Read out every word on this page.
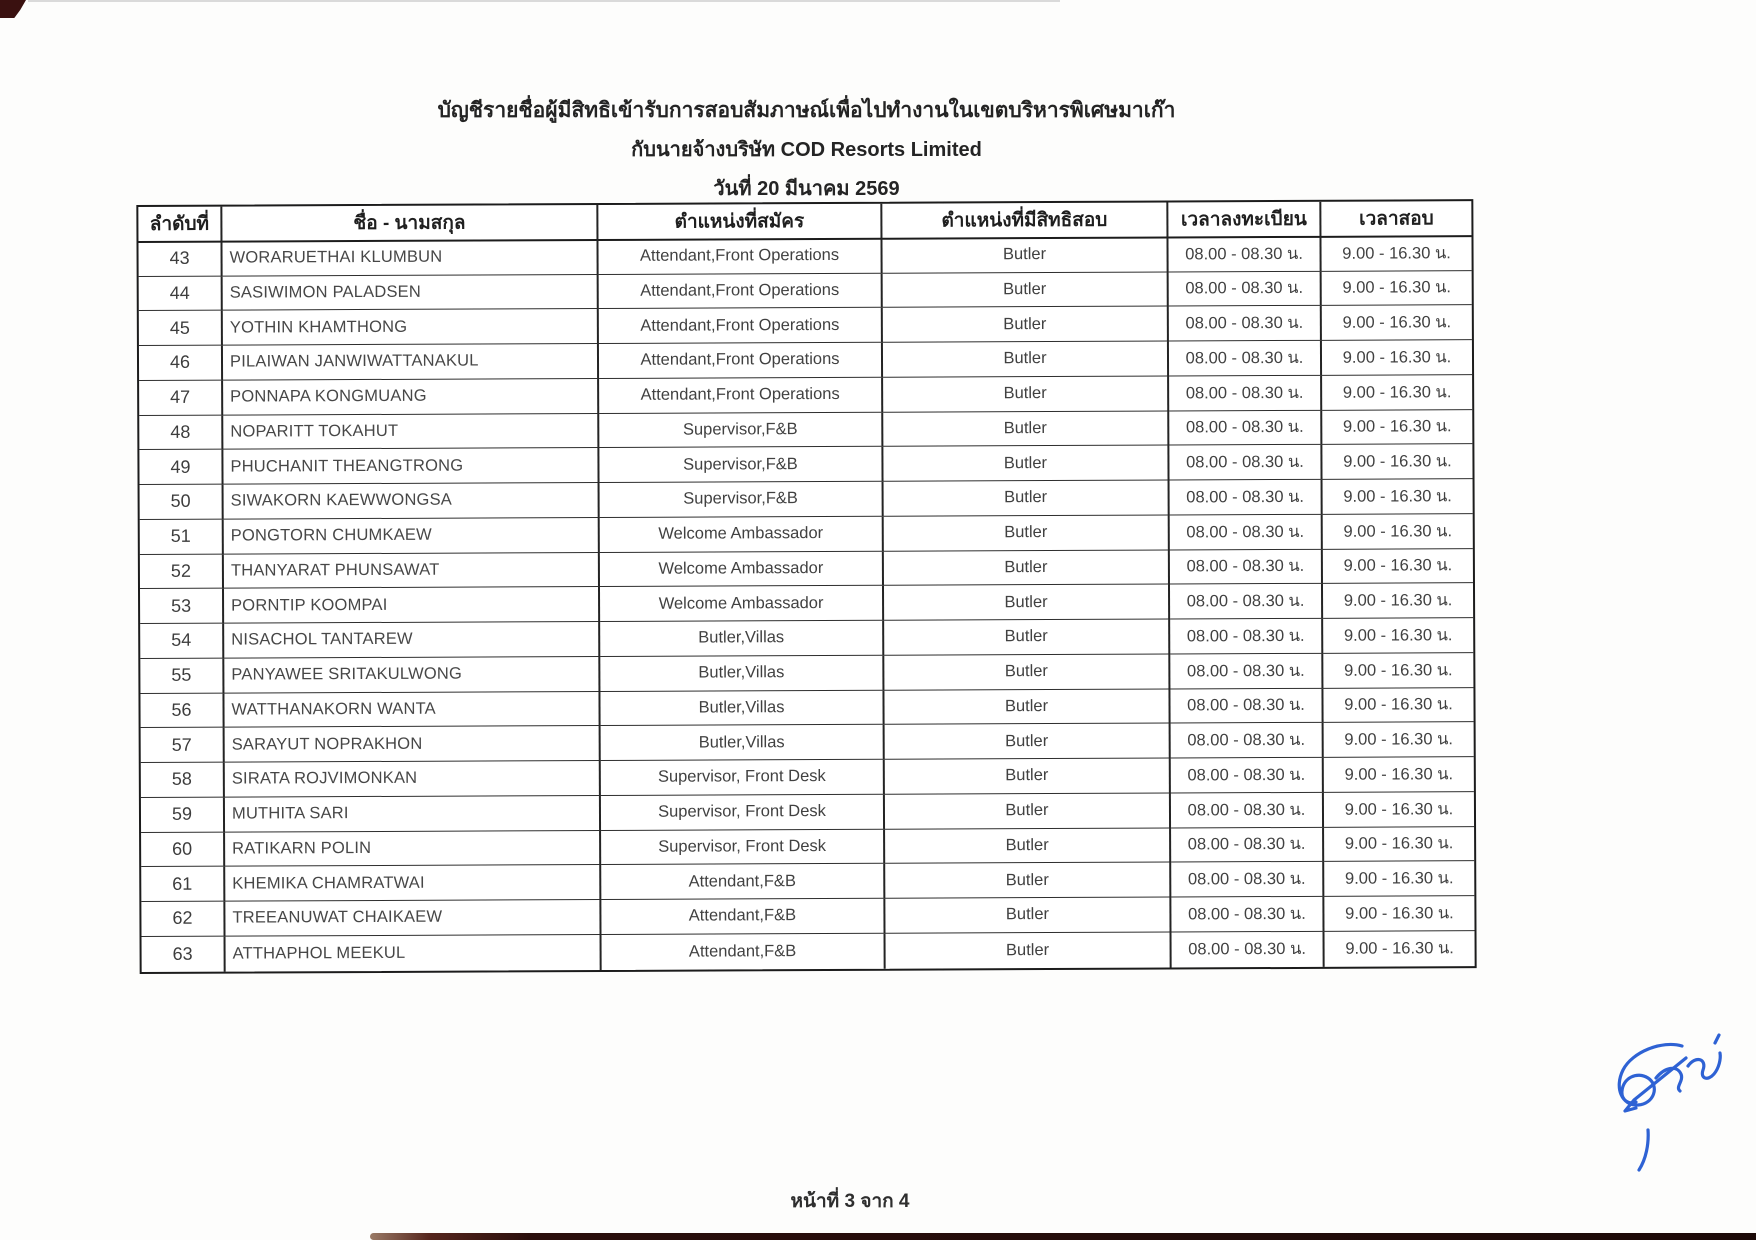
บัญชีรายชื่อผู้มีสิทธิเข้ารับการสอบสัมภาษณ์เพื่อไปทำงานในเขตบริหารพิเศษมาเก๊า
กับนายจ้างบริษัท COD Resorts Limited
วันที่ 20 มีนาคม 2569
ลำดับที่	ชื่อ - นามสกุล	ตำแหน่งที่สมัคร	ตำแหน่งที่มีสิทธิสอบ	เวลาลงทะเบียน	เวลาสอบ
43	WORARUETHAI KLUMBUN	Attendant,Front Operations	Butler	08.00 - 08.30 น.	9.00 - 16.30 น.
44	SASIWIMON PALADSEN	Attendant,Front Operations	Butler	08.00 - 08.30 น.	9.00 - 16.30 น.
45	YOTHIN KHAMTHONG	Attendant,Front Operations	Butler	08.00 - 08.30 น.	9.00 - 16.30 น.
46	PILAIWAN JANWIWATTANAKUL	Attendant,Front Operations	Butler	08.00 - 08.30 น.	9.00 - 16.30 น.
47	PONNAPA KONGMUANG	Attendant,Front Operations	Butler	08.00 - 08.30 น.	9.00 - 16.30 น.
48	NOPARITT TOKAHUT	Supervisor,F&B	Butler	08.00 - 08.30 น.	9.00 - 16.30 น.
49	PHUCHANIT THEANGTRONG	Supervisor,F&B	Butler	08.00 - 08.30 น.	9.00 - 16.30 น.
50	SIWAKORN KAEWWONGSA	Supervisor,F&B	Butler	08.00 - 08.30 น.	9.00 - 16.30 น.
51	PONGTORN CHUMKAEW	Welcome Ambassador	Butler	08.00 - 08.30 น.	9.00 - 16.30 น.
52	THANYARAT PHUNSAWAT	Welcome Ambassador	Butler	08.00 - 08.30 น.	9.00 - 16.30 น.
53	PORNTIP KOOMPAI	Welcome Ambassador	Butler	08.00 - 08.30 น.	9.00 - 16.30 น.
54	NISACHOL TANTAREW	Butler,Villas	Butler	08.00 - 08.30 น.	9.00 - 16.30 น.
55	PANYAWEE SRITAKULWONG	Butler,Villas	Butler	08.00 - 08.30 น.	9.00 - 16.30 น.
56	WATTHANAKORN WANTA	Butler,Villas	Butler	08.00 - 08.30 น.	9.00 - 16.30 น.
57	SARAYUT NOPRAKHON	Butler,Villas	Butler	08.00 - 08.30 น.	9.00 - 16.30 น.
58	SIRATA ROJVIMONKAN	Supervisor, Front Desk	Butler	08.00 - 08.30 น.	9.00 - 16.30 น.
59	MUTHITA SARI	Supervisor, Front Desk	Butler	08.00 - 08.30 น.	9.00 - 16.30 น.
60	RATIKARN POLIN	Supervisor, Front Desk	Butler	08.00 - 08.30 น.	9.00 - 16.30 น.
61	KHEMIKA CHAMRATWAI	Attendant,F&B	Butler	08.00 - 08.30 น.	9.00 - 16.30 น.
62	TREEANUWAT CHAIKAEW	Attendant,F&B	Butler	08.00 - 08.30 น.	9.00 - 16.30 น.
63	ATTHAPHOL MEEKUL	Attendant,F&B	Butler	08.00 - 08.30 น.	9.00 - 16.30 น.
หน้าที่ 3 จาก 4
